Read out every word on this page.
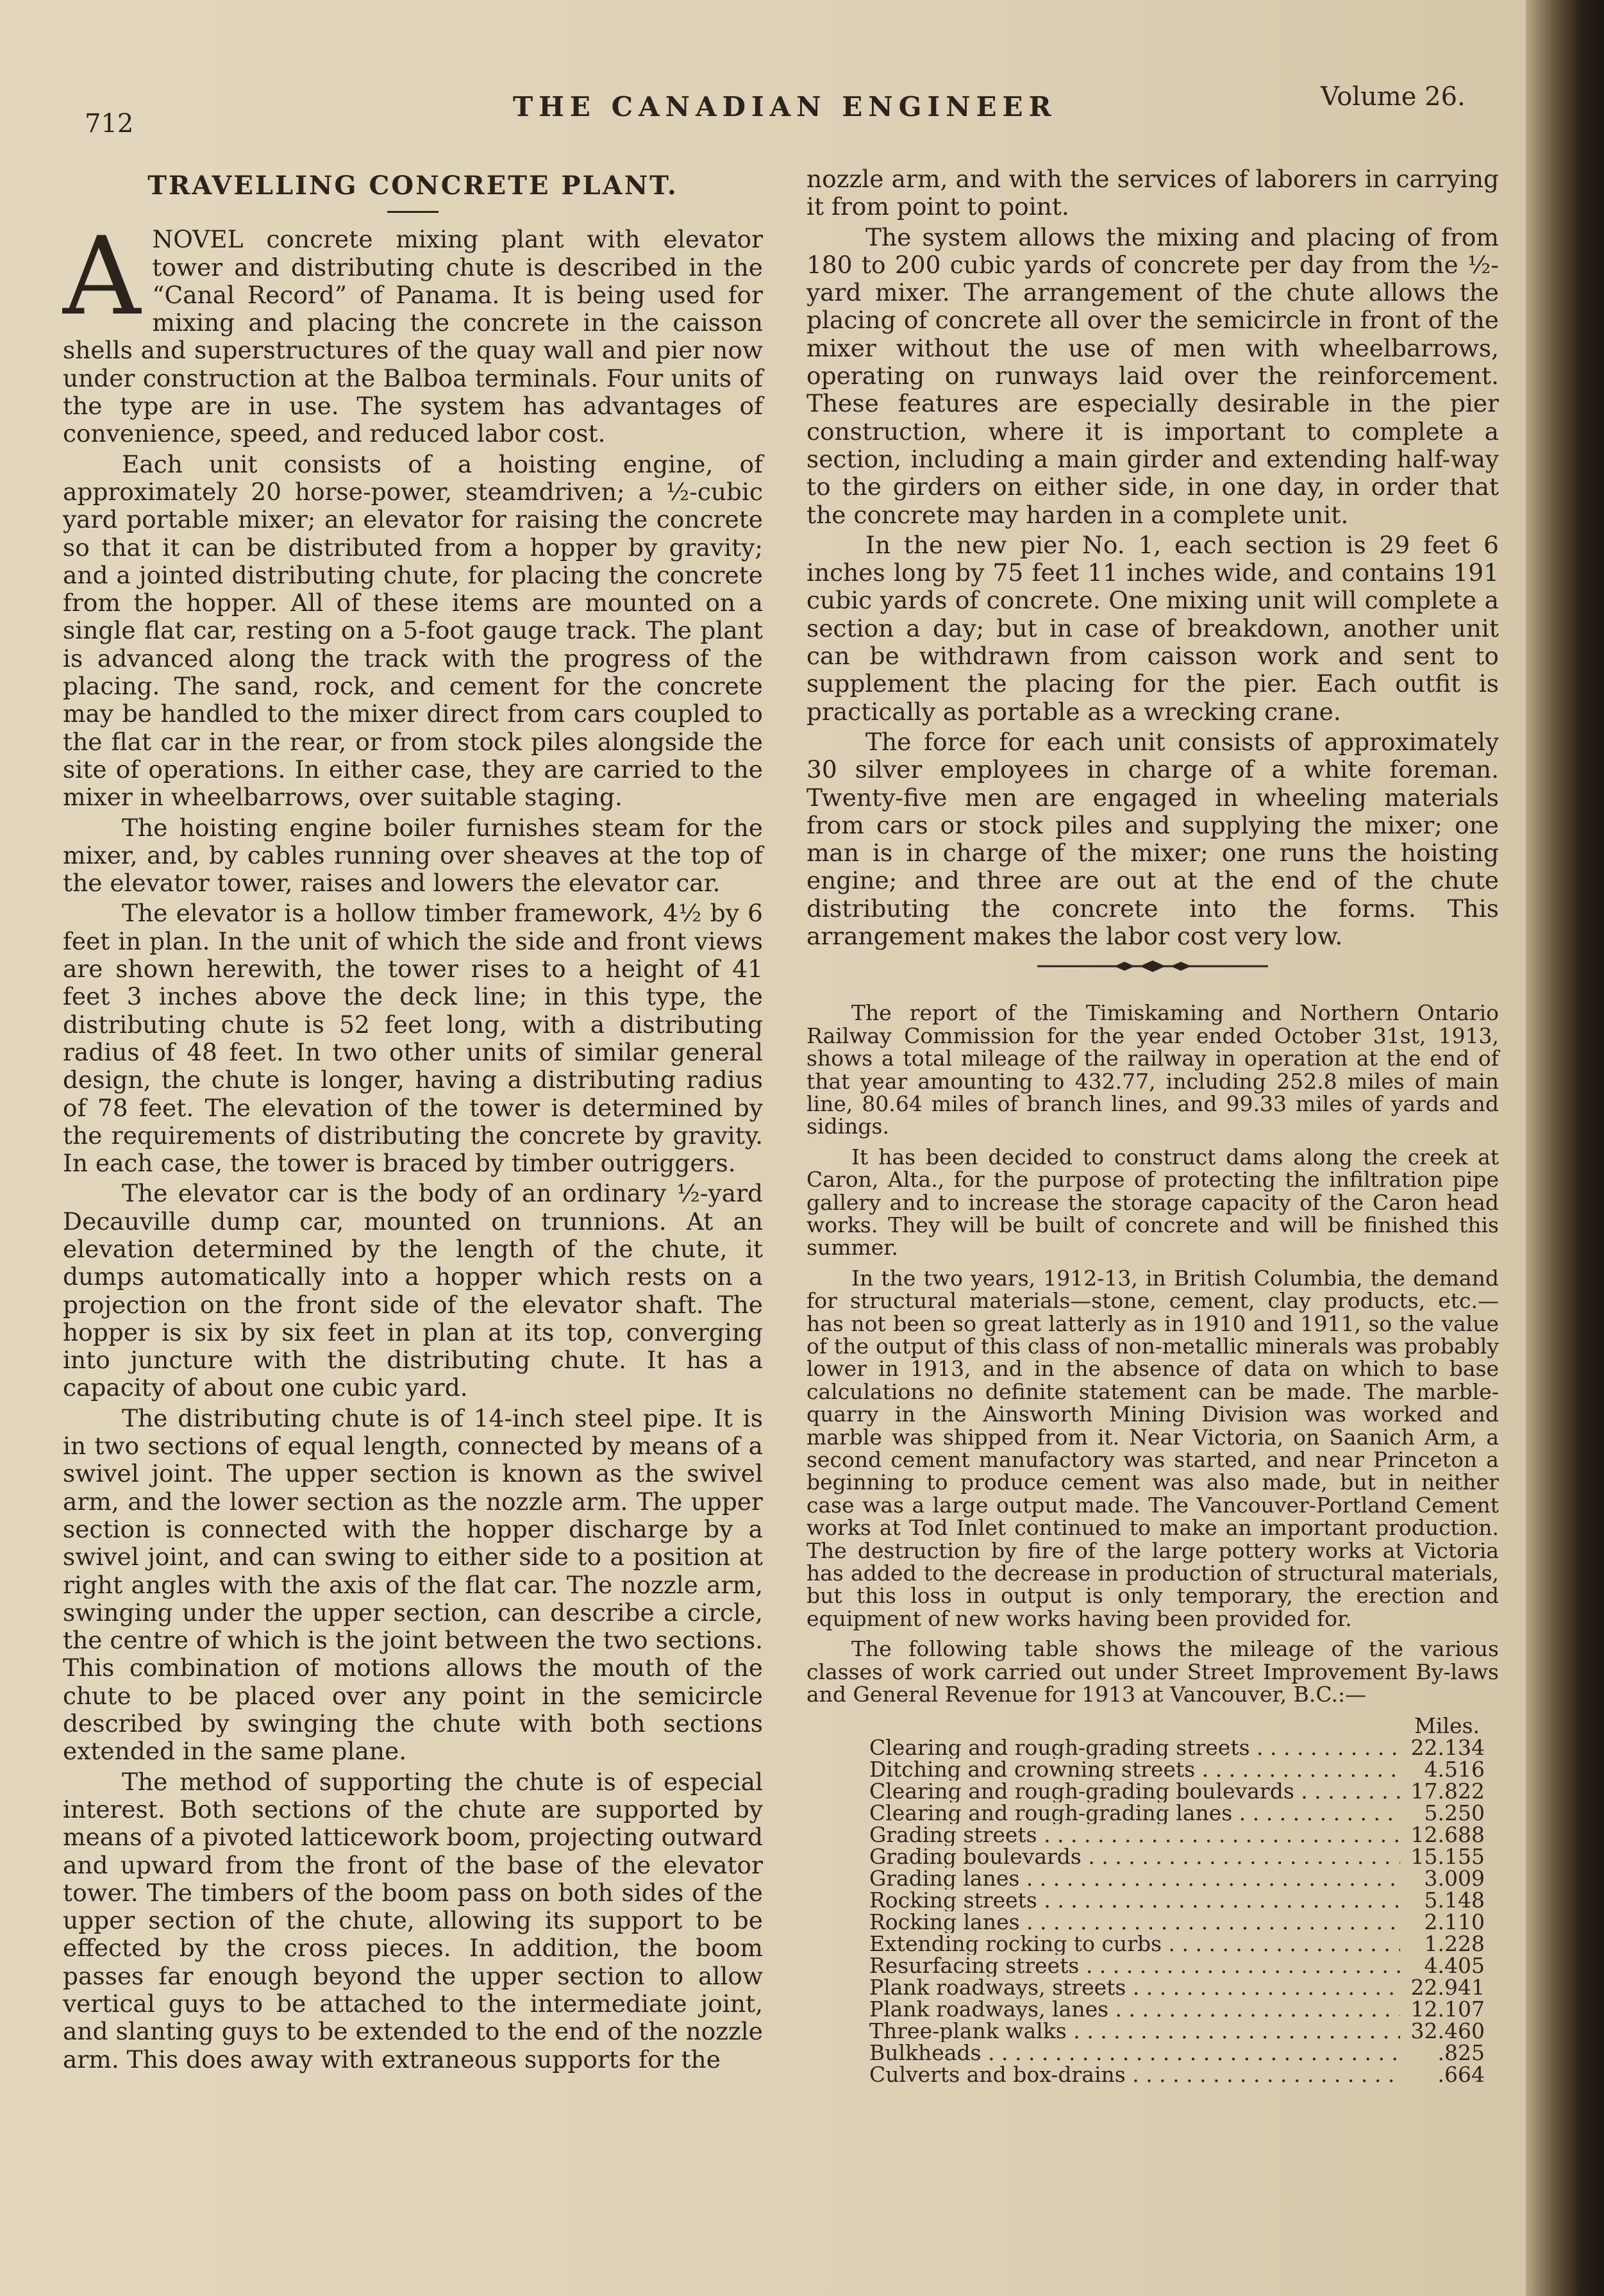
712
THE CANADIAN ENGINEER	Volume 26.
TRAVELLING CONCRETE PLANT.

ANOVEL concrete mixing plant with elevator tower and distributing chute is described in the “Canal Record” of Panama. It is being used for mixing and placing the concrete in the caisson shells and superstructures of the quay wall and pier now under construction at the Balboa terminals. Four units of the type are in use. The system has advantages of convenience, speed, and reduced labor cost.

Each unit consists of a hoisting engine, of approximately 20 horse-power, steamdriven; a ½-cubic yard portable mixer; an elevator for raising the concrete so that it can be distributed from a hopper by gravity; and a jointed distributing chute, for placing the concrete from the hopper. All of these items are mounted on a single flat car, resting on a 5-foot gauge track. The plant is advanced along the track with the progress of the placing. The sand, rock, and cement for the concrete may be handled to the mixer direct from cars coupled to the flat car in the rear, or from stock piles alongside the site of operations. In either case, they are carried to the mixer in wheelbarrows, over suitable staging.

The hoisting engine boiler furnishes steam for the mixer, and, by cables running over sheaves at the top of the elevator tower, raises and lowers the elevator car.

The elevator is a hollow timber framework, 4½ by 6 feet in plan. In the unit of which the side and front views are shown herewith, the tower rises to a height of 41 feet 3 inches above the deck line; in this type, the distributing chute is 52 feet long, with a distributing radius of 48 feet. In two other units of similar general design, the chute is longer, having a distributing radius of 78 feet. The elevation of the tower is determined by the requirements of distributing the concrete by gravity. In each case, the tower is braced by timber outriggers.

The elevator car is the body of an ordinary ½-yard Decauville dump car, mounted on trunnions. At an elevation determined by the length of the chute, it dumps automatically into a hopper which rests on a projection on the front side of the elevator shaft. The hopper is six by six feet in plan at its top, converging into juncture with the distributing chute. It has a capacity of about one cubic yard.

The distributing chute is of 14-inch steel pipe. It is in two sections of equal length, connected by means of a swivel joint. The upper section is known as the swivel arm, and the lower section as the nozzle arm. The upper section is connected with the hopper discharge by a swivel joint, and can swing to either side to a position at right angles with the axis of the flat car. The nozzle arm, swinging under the upper section, can describe a circle, the centre of which is the joint between the two sections. This combination of motions allows the mouth of the chute to be placed over any point in the semicircle described by swinging the chute with both sections extended in the same plane.

The method of supporting the chute is of especial interest. Both sections of the chute are supported by means of a pivoted latticework boom, projecting outward and upward from the front of the base of the elevator tower. The timbers of the boom pass on both sides of the upper section of the chute, allowing its support to be effected by the cross pieces. In addition, the boom passes far enough beyond the upper section to allow vertical guys to be attached to the intermediate joint, and slanting guys to be extended to the end of the nozzle arm. This does away with extraneous supports for the

nozzle arm, and with the services of laborers in carrying it from point to point.

The system allows the mixing and placing of from 180 to 200 cubic yards of concrete per day from the ½-yard mixer. The arrangement of the chute allows the placing of concrete all over the semicircle in front of the mixer without the use of men with wheelbarrows, operating on runways laid over the reinforcement. These features are especially desirable in the pier construction, where it is important to complete a section, including a main girder and extending half-way to the girders on either side, in one day, in order that the concrete may harden in a complete unit.

In the new pier No. 1, each section is 29 feet 6 inches long by 75 feet 11 inches wide, and contains 191 cubic yards of concrete. One mixing unit will complete a section a day; but in case of breakdown, another unit can be withdrawn from caisson work and sent to supplement the placing for the pier. Each outfit is practically as portable as a wrecking crane.

The force for each unit consists of approximately 30 silver employees in charge of a white foreman. Twenty-five men are engaged in wheeling materials from cars or stock piles and supplying the mixer; one man is in charge of the mixer; one runs the hoisting engine; and three are out at the end of the chute distributing the concrete into the forms. This arrangement makes the labor cost very low.

The report of the Timiskaming and Northern Ontario Railway Commission for the year ended October 31st, 1913, shows a total mileage of the railway in operation at the end of that year amounting to 432.77, including 252.8 miles of main line, 80.64 miles of branch lines, and 99.33 miles of yards and sidings.

It has been decided to construct dams along the creek at Caron, Alta., for the purpose of protecting the infiltration pipe gallery and to increase the storage capacity of the Caron head works. They will be built of concrete and will be finished this summer.

In the two years, 1912-13, in British Columbia, the demand for structural materials—stone, cement, clay products, etc.—has not been so great latterly as in 1910 and 1911, so the value of the output of this class of non-metallic minerals was probably lower in 1913, and in the absence of data on which to base calculations no definite statement can be made. The marble-quarry in the Ainsworth Mining Division was worked and marble was shipped from it. Near Victoria, on Saanich Arm, a second cement manufactory was started, and near Princeton a beginning to produce cement was also made, but in neither case was a large output made. The Vancouver-Portland Cement works at Tod Inlet continued to make an important production. The destruction by fire of the large pottery works at Victoria has added to the decrease in production of structural materials, but this loss in output is only temporary, the erection and equipment of new works having been provided for.

The following table shows the mileage of the various classes of work carried out under Street Improvement By-laws and General Revenue for 1913 at Vancouver, B.C.:—

Miles.
Clearing and rough-grading streets . . .	22.134
Ditching and crowning streets . . .	4.516
Clearing and rough-grading boulevards . . .	17.822
Clearing and rough-grading lanes . . .	5.250
Grading streets . . .	12.688
Grading boulevards . . .	15.155
Grading lanes . . .	3.009
Rocking streets . . .	5.148
Rocking lanes . . .	2.110
Extending rocking to curbs . . .	1.228
Resurfacing streets . . .	4.405
Plank roadways, streets . . .	22.941
Plank roadways, lanes . . .	12.107
Three-plank walks . . .	32.460
Bulkheads . . .	.825
Culverts and box-drains . . .	.664
